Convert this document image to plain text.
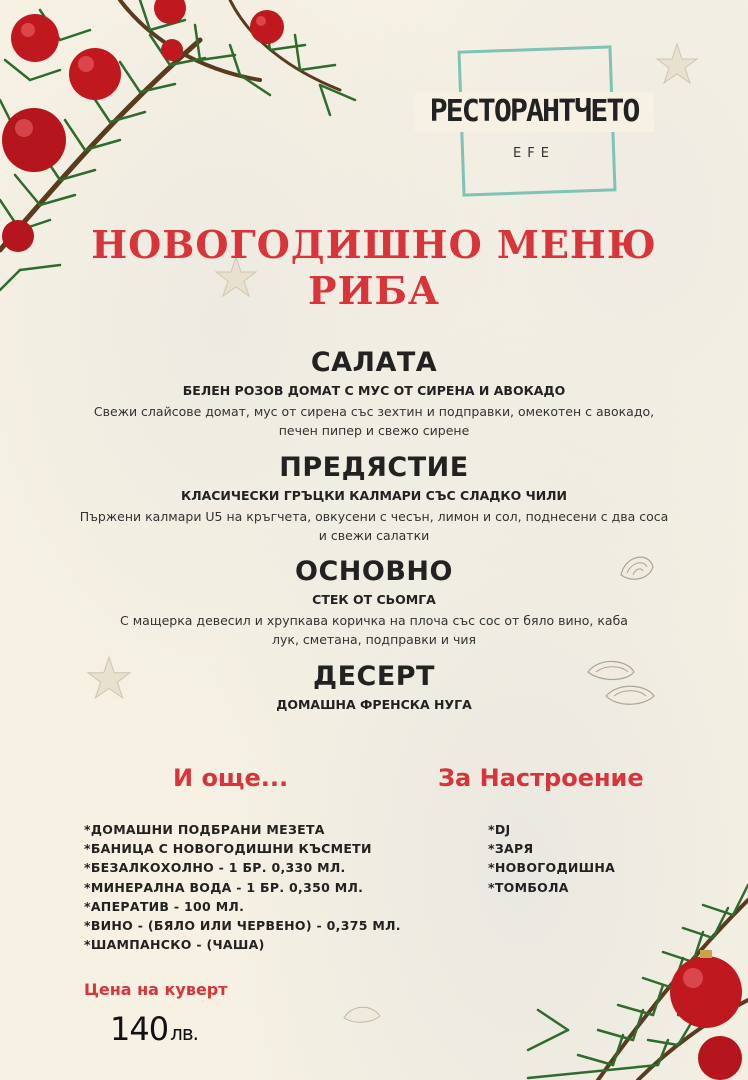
РЕСТОРАНТЧЕТО
EFE
НОВОГОДИШНО МЕНЮ
РИБА
САЛАТА
БЕЛЕН РОЗОВ ДОМАТ С МУС ОТ СИРЕНА И АВОКАДО
Свежи слайсове домат, мус от сирена със зехтин и подправки, омекотен с авокадо,
печен пипер и свежо сирене
ПРЕДЯСТИЕ
КЛАСИЧЕСКИ ГРЪЦКИ КАЛМАРИ СЪС СЛАДКО ЧИЛИ
Пържени калмари U5 на кръгчета, овкусени с чесън, лимон и сол, поднесени с два соса
и свежи салатки
ОСНОВНО
СТЕК ОТ СЬОМГА
С мащерка девесил и хрупкава коричка на плоча със сос от бяло вино, каба
лук, сметана, подправки и чия
ДЕСЕРТ
ДОМАШНА ФРЕНСКА НУГА
И още...
*ДОМАШНИ ПОДБРАНИ МЕЗЕТА
*БАНИЦА С НОВОГОДИШНИ КЪСМЕТИ
*БЕЗАЛКОХОЛНО - 1 БР. 0,330 МЛ.
*МИНЕРАЛНА ВОДА - 1 БР. 0,350 МЛ.
*АПЕРАТИВ - 100 МЛ.
*ВИНО - (БЯЛО ИЛИ ЧЕРВЕНО) - 0,375 МЛ.
*ШАМПАНСКО - (ЧАША)
За Настроение
*DJ
*ЗАРЯ
*НОВОГОДИШНА
*ТОМБОЛА
Цена на куверт
140 лв.
